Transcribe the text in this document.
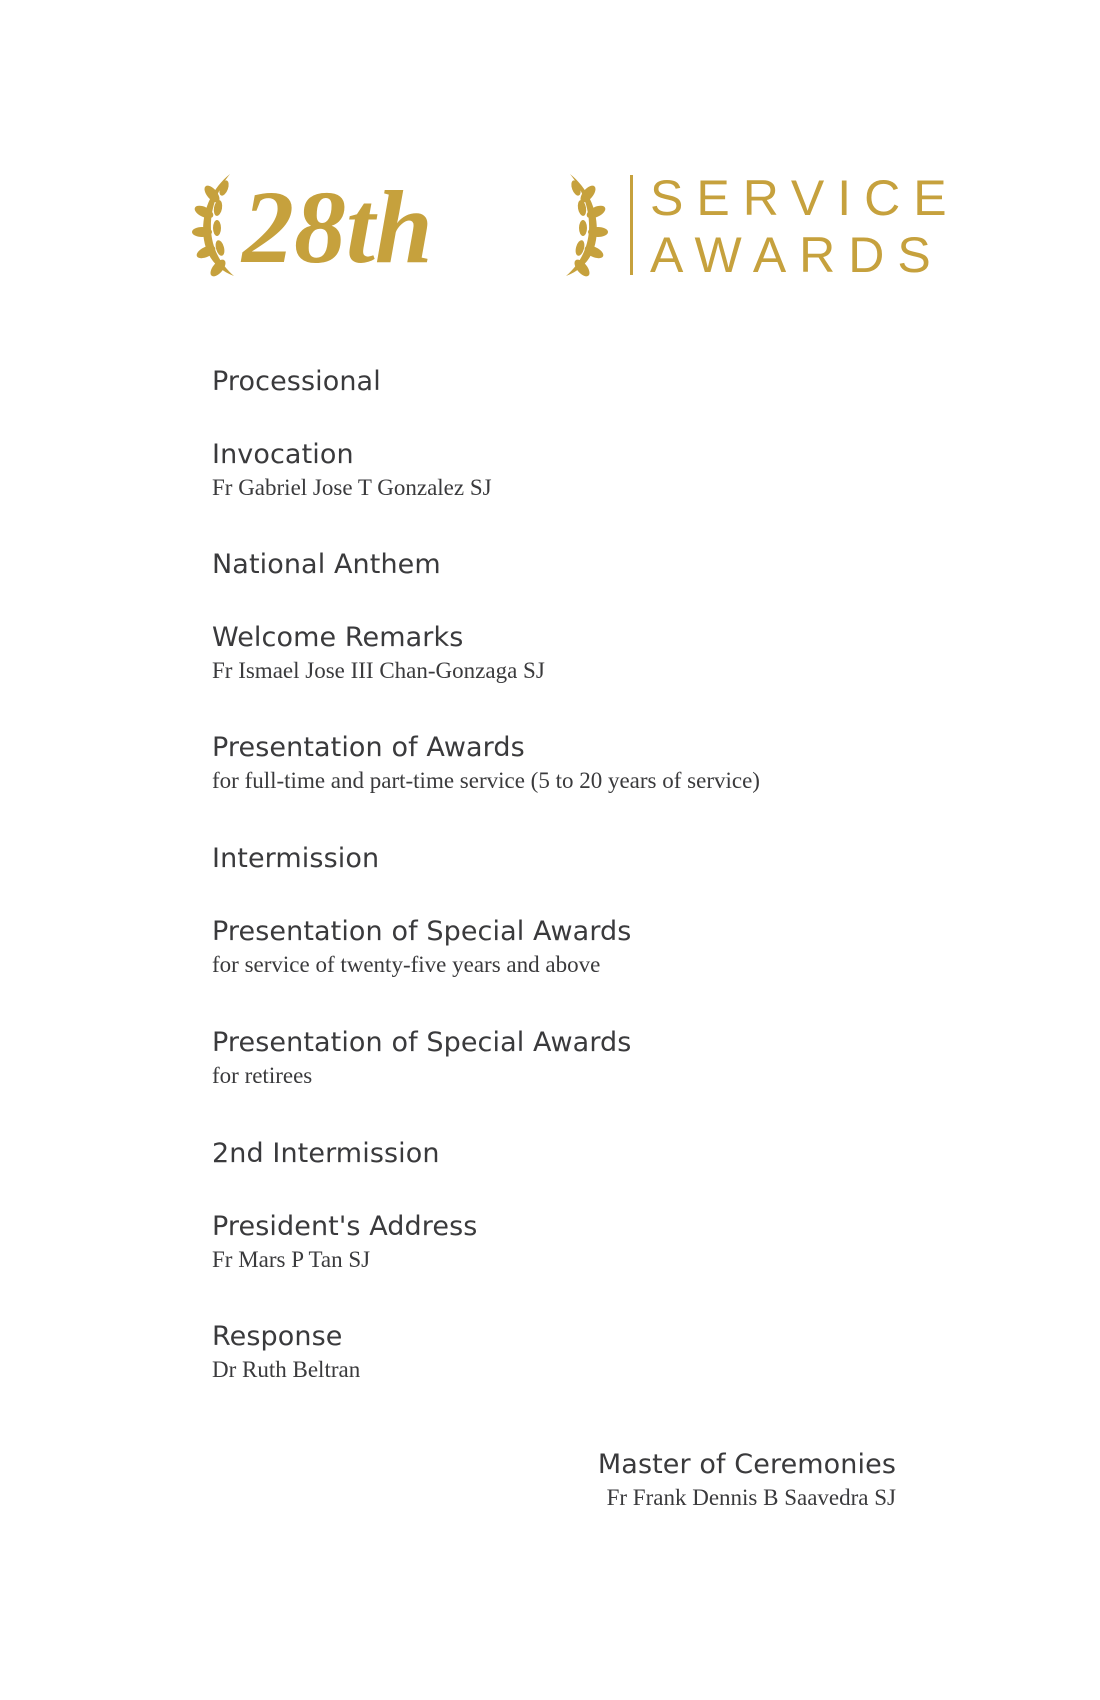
28th	SERVICE
AWARDS
Processional
Invocation
Fr Gabriel Jose T Gonzalez SJ
National Anthem
Welcome Remarks
Fr Ismael Jose III Chan-Gonzaga SJ
Presentation of Awards
for full-time and part-time service (5 to 20 years of service)
Intermission
Presentation of Special Awards
for service of twenty-five years and above
Presentation of Special Awards
for retirees
2nd Intermission
President's Address
Fr Mars P Tan SJ
Response
Dr Ruth Beltran
Master of Ceremonies
Fr Frank Dennis B Saavedra SJ
